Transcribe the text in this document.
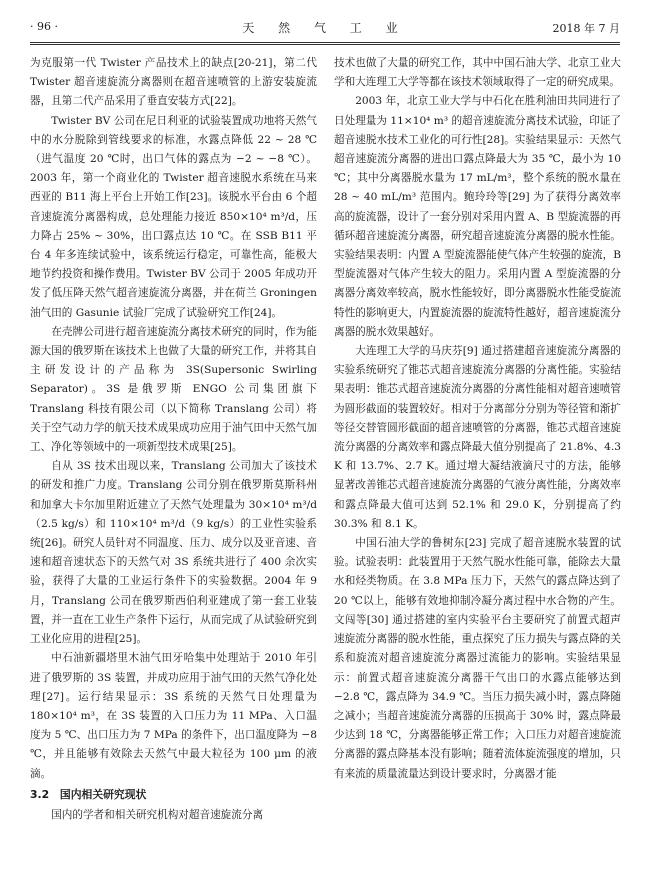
· 96 ·	天 然 气 工 业	2018 年 7 月

为克服第一代 Twister 产品技术上的缺点[20-21]，第二代 Twister 超音速旋流分离器则在超音速喷管的上游安装旋流器，且第二代产品采用了垂直安装方式[22]。

Twister BV 公司在尼日利亚的试验装置成功地将天然气中的水分脱除到管线要求的标准，水露点降低 22 ~ 28 ℃（进气温度 20 ℃时，出口气体的露点为 −2 ~ −8 ℃）。2003 年，第一个商业化的 Twister 超音速脱水系统在马来西亚的 B11 海上平台上开始工作[23]。该脱水平台由 6 个超音速旋流分离器构成，总处理能力接近 850×10⁴ m³/d，压力降占 25% ~ 30%，出口露点达 10 ℃。在 SSB B11 平台 4 年多连续试验中，该系统运行稳定，可靠性高，能极大地节约投资和操作费用。Twister BV 公司于 2005 年成功开发了低压降天然气超音速旋流分离器，并在荷兰 Groningen 油气田的 Gasunie 试验厂完成了试验研究工作[24]。

在壳牌公司进行超音速旋流分离技术研究的同时，作为能源大国的俄罗斯在该技术上也做了大量的研究工作，并将其自主研发设计的产品称为 3S(Supersonic Swirling Separator)。3S 是俄罗斯 ENGO 公司集团旗下 Translang 科技有限公司（以下简称 Translang 公司）将关于空气动力学的航天技术成果成功应用于油气田中天然气加工、净化等领域中的一项新型技术成果[25]。

自从 3S 技术出现以来，Translang 公司加大了该技术的研发和推广力度。Translang 公司分别在俄罗斯莫斯科州和加拿大卡尔加里附近建立了天然气处理量为 30×10⁴ m³/d（2.5 kg/s）和 110×10⁴ m³/d（9 kg/s）的工业性实验系统[26]。研究人员针对不同温度、压力、成分以及亚音速、音速和超音速状态下的天然气对 3S 系统共进行了 400 余次实验，获得了大量的工业运行条件下的实验数据。2004 年 9 月，Translang 公司在俄罗斯西伯利亚建成了第一套工业装置，并一直在工业生产条件下运行，从而完成了从试验研究到工业化应用的进程[25]。

中石油新疆塔里木油气田牙哈集中处理站于 2010 年引进了俄罗斯的 3S 装置，并成功应用于油气田的天然气净化处理[27]。运行结果显示：3S 系统的天然气日处理量为 180×10⁴ m³，在 3S 装置的入口压力为 11 MPa、入口温度为 5 ℃、出口压力为 7 MPa 的条件下，出口温度降为 −8 ℃，并且能够有效除去天然气中最大粒径为 100 μm 的液滴。

3.2　国内相关研究现状

国内的学者和相关研究机构对超音速旋流分离

技术也做了大量的研究工作，其中中国石油大学、北京工业大学和大连理工大学等都在该技术领域取得了一定的研究成果。

2003 年，北京工业大学与中石化在胜利油田共同进行了日处理量为 11×10⁴ m³ 的超音速旋流分离技术试验，印证了超音速脱水技术工业化的可行性[28]。实验结果显示：天然气超音速旋流分离器的进出口露点降最大为 35 ℃，最小为 10 ℃；其中分离器脱水量为 17 mL/m³，整个系统的脱水量在 28 ~ 40 mL/m³ 范围内。鲍玲玲等[29] 为了获得分离效率高的旋流器，设计了一套分别对采用内置 A、B 型旋流器的再循环超音速旋流分离器，研究超音速旋流分离器的脱水性能。实验结果表明：内置 A 型旋流器能使气体产生较强的旋流，B 型旋流器对气体产生较大的阻力。采用内置 A 型旋流器的分离器分离效率较高，脱水性能较好，即分离器脱水性能受旋流特性的影响更大，内置旋流器的旋流特性越好，超音速旋流分离器的脱水效果越好。

大连理工大学的马庆芬[9] 通过搭建超音速旋流分离器的实验系统研究了锥芯式超音速旋流分离器的分离性能。实验结果表明：锥芯式超音速旋流分离器的分离性能相对超音速喷管为圆形截面的装置较好。相对于分离部分分别为等径管和渐扩等径交替管圆形截面的超音速喷管的分离器，锥芯式超音速旋流分离器的分离效率和露点降最大值分别提高了 21.8%、4.3 K 和 13.7%、2.7 K。通过增大凝结液滴尺寸的方法，能够显著改善锥芯式超音速旋流分离器的气液分离性能，分离效率和露点降最大值可达到 52.1% 和 29.0 K，分别提高了约 30.3% 和 8.1 K。

中国石油大学的鲁树东[23] 完成了超音速脱水装置的试验。试验表明：此装置用于天然气脱水性能可靠，能除去大量水和烃类物质。在 3.8 MPa 压力下，天然气的露点降达到了 20 ℃以上，能够有效地抑制冷凝分离过程中水合物的产生。文闯等[30] 通过搭建的室内实验平台主要研究了前置式超声速旋流分离器的脱水性能，重点探究了压力损失与露点降的关系和旋流对超音速旋流分离器过流能力的影响。实验结果显示：前置式超音速旋流分离器干气出口的水露点能够达到 −2.8 ℃，露点降为 34.9 ℃。当压力损失减小时，露点降随之减小；当超音速旋流分离器的压损高于 30% 时，露点降最少达到 18 ℃，分离器能够正常工作；入口压力对超音速旋流分离器的露点降基本没有影响；随着流体旋流强度的增加，只有来流的质量流量达到设计要求时，分离器才能
